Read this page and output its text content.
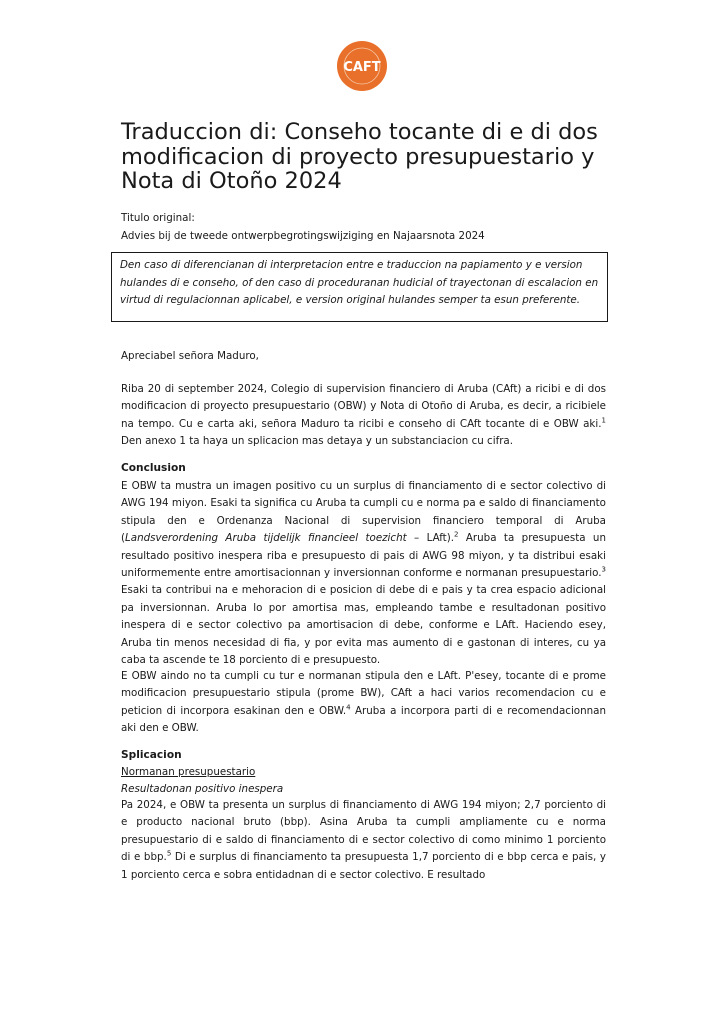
CAFT
Traduccion di: Conseho tocante di e di dos modificacion di proyecto presupuestario y Nota di Otoño 2024
Titulo original:
Advies bij de tweede ontwerpbegrotingswijziging en Najaarsnota 2024
Den caso di diferencianan di interpretacion entre e traduccion na papiamento y e version hulandes di e conseho, of den caso di proceduranan hudicial of trayectonan di escalacion en virtud di regulacionnan aplicabel, e version original hulandes semper ta esun preferente.

Apreciabel señora Maduro,

Riba 20 di september 2024, Colegio di supervision financiero di Aruba (CAft) a ricibi e di dos modificacion di proyecto presupuestario (OBW) y Nota di Otoño di Aruba, es decir, a ricibiele na tempo. Cu e carta aki, señora Maduro ta ricibi e conseho di CAft tocante di e OBW aki.$^1$ Den anexo 1 ta haya un splicacion mas detaya y un substanciacion cu cifra.

Conclusion

E OBW ta mustra un imagen positivo cu un surplus di financiamento di e sector colectivo di AWG 194 miyon. Esaki ta significa cu Aruba ta cumpli cu e norma pa e saldo di financiamento stipula den e Ordenanza Nacional di supervision financiero temporal di Aruba (Landsverordening Aruba tijdelijk financieel toezicht – LAft).$^2$ Aruba ta presupuesta un resultado positivo inespera riba e presupuesto di pais di AWG 98 miyon, y ta distribui esaki uniformemente entre amortisacionnan y inversionnan conforme e normanan presupuestario.$^3$ Esaki ta contribui na e mehoracion di e posicion di debe di e pais y ta crea espacio adicional pa inversionnan. Aruba lo por amortisa mas, empleando tambe e resultadonan positivo inespera di e sector colectivo pa amortisacion di debe, conforme e LAft. Haciendo esey, Aruba tin menos necesidad di fia, y por evita mas aumento di e gastonan di interes, cu ya caba ta ascende te 18 porciento di e presupuesto.

E OBW aindo no ta cumpli cu tur e normanan stipula den e LAft. P'esey, tocante di e prome modificacion presupuestario stipula (prome BW), CAft a haci varios recomendacion cu e peticion di incorpora esakinan den e OBW.$^4$ Aruba a incorpora parti di e recomendacionnan aki den e OBW.

Splicacion
Normanan presupuestario
Resultadonan positivo inespera

Pa 2024, e OBW ta presenta un surplus di financiamento di AWG 194 miyon; 2,7 porciento di e producto nacional bruto (bbp). Asina Aruba ta cumpli ampliamente cu e norma presupuestario di e saldo di financiamento di e sector colectivo di como minimo 1 porciento di e bbp.$^5$ Di e surplus di financiamento ta presupuesta 1,7 porciento di e bbp cerca e pais, y 1 porciento cerca e sobra entidadnan di e sector colectivo. E resultado
